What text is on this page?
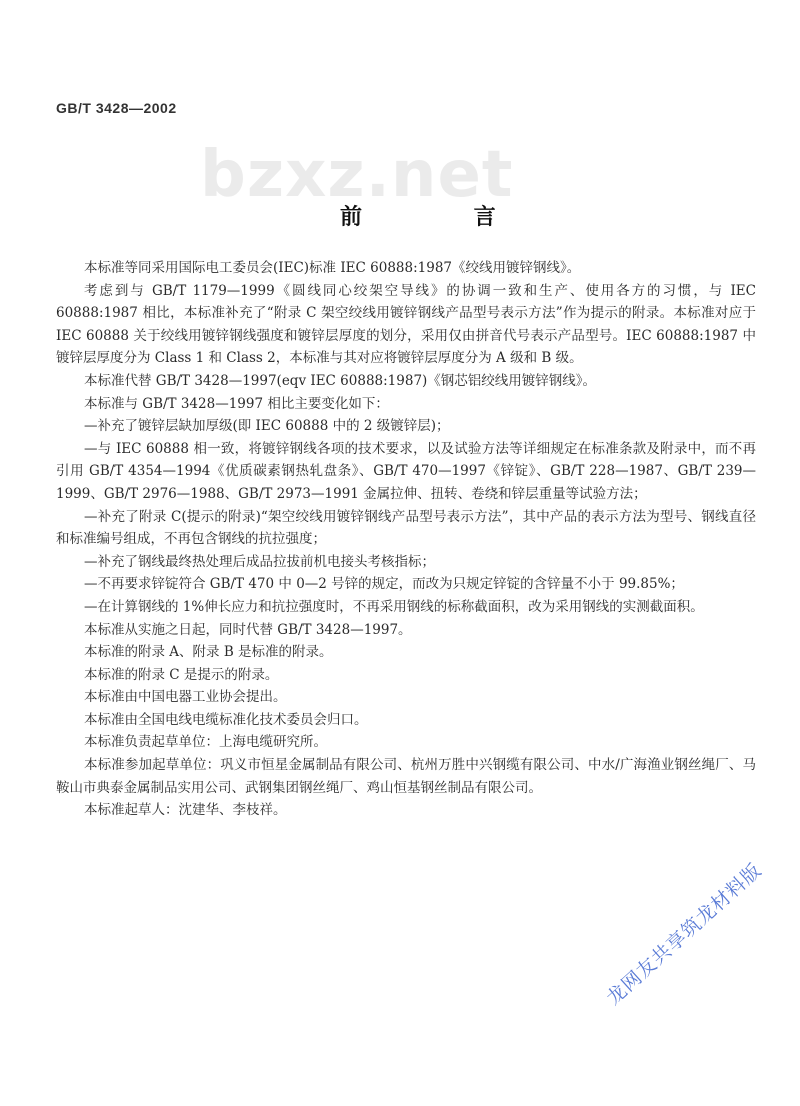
GB/T 3428—2002
bzxz.net
前 言

本标准等同采用国际电工委员会(IEC)标准 IEC 60888:1987《绞线用镀锌钢线》。

考虑到与 GB/T 1179—1999《圆线同心绞架空导线》的协调一致和生产、使用各方的习惯，与 IEC 60888:1987 相比，本标准补充了“附录 C 架空绞线用镀锌钢线产品型号表示方法”作为提示的附录。本标准对应于 IEC 60888 关于绞线用镀锌钢线强度和镀锌层厚度的划分，采用仅由拼音代号表示产品型号。IEC 60888:1987 中镀锌层厚度分为 Class 1 和 Class 2，本标准与其对应将镀锌层厚度分为 A 级和 B 级。

本标准代替 GB/T 3428—1997(eqv IEC 60888:1987)《钢芯铝绞线用镀锌钢线》。

本标准与 GB/T 3428—1997 相比主要变化如下：

—补充了镀锌层缺加厚级(即 IEC 60888 中的 2 级镀锌层)；

—与 IEC 60888 相一致，将镀锌钢线各项的技术要求，以及试验方法等详细规定在标准条款及附录中，而不再引用 GB/T 4354—1994《优质碳素钢热轧盘条》、GB/T 470—1997《锌锭》、GB/T 228—1987、GB/T 239—1999、GB/T 2976—1988、GB/T 2973—1991 金属拉伸、扭转、卷绕和锌层重量等试验方法；

—补充了附录 C(提示的附录)“架空绞线用镀锌钢线产品型号表示方法”，其中产品的表示方法为型号、钢线直径和标准编号组成，不再包含钢线的抗拉强度；

—补充了钢线最终热处理后成品拉拔前机电接头考核指标；

—不再要求锌锭符合 GB/T 470 中 0—2 号锌的规定，而改为只规定锌锭的含锌量不小于 99.85%；

—在计算钢线的 1%伸长应力和抗拉强度时，不再采用钢线的标称截面积，改为采用钢线的实测截面积。

本标准从实施之日起，同时代替 GB/T 3428—1997。

本标准的附录 A、附录 B 是标准的附录。

本标准的附录 C 是提示的附录。

本标准由中国电器工业协会提出。

本标准由全国电线电缆标准化技术委员会归口。

本标准负责起草单位：上海电缆研究所。

本标准参加起草单位：巩义市恒星金属制品有限公司、杭州万胜中兴钢缆有限公司、中水/广海渔业钢丝绳厂、马鞍山市典泰金属制品实用公司、武钢集团钢丝绳厂、鸡山恒基钢丝制品有限公司。

本标准起草人：沈建华、李枝祥。

龙网友共享筑龙材料版
